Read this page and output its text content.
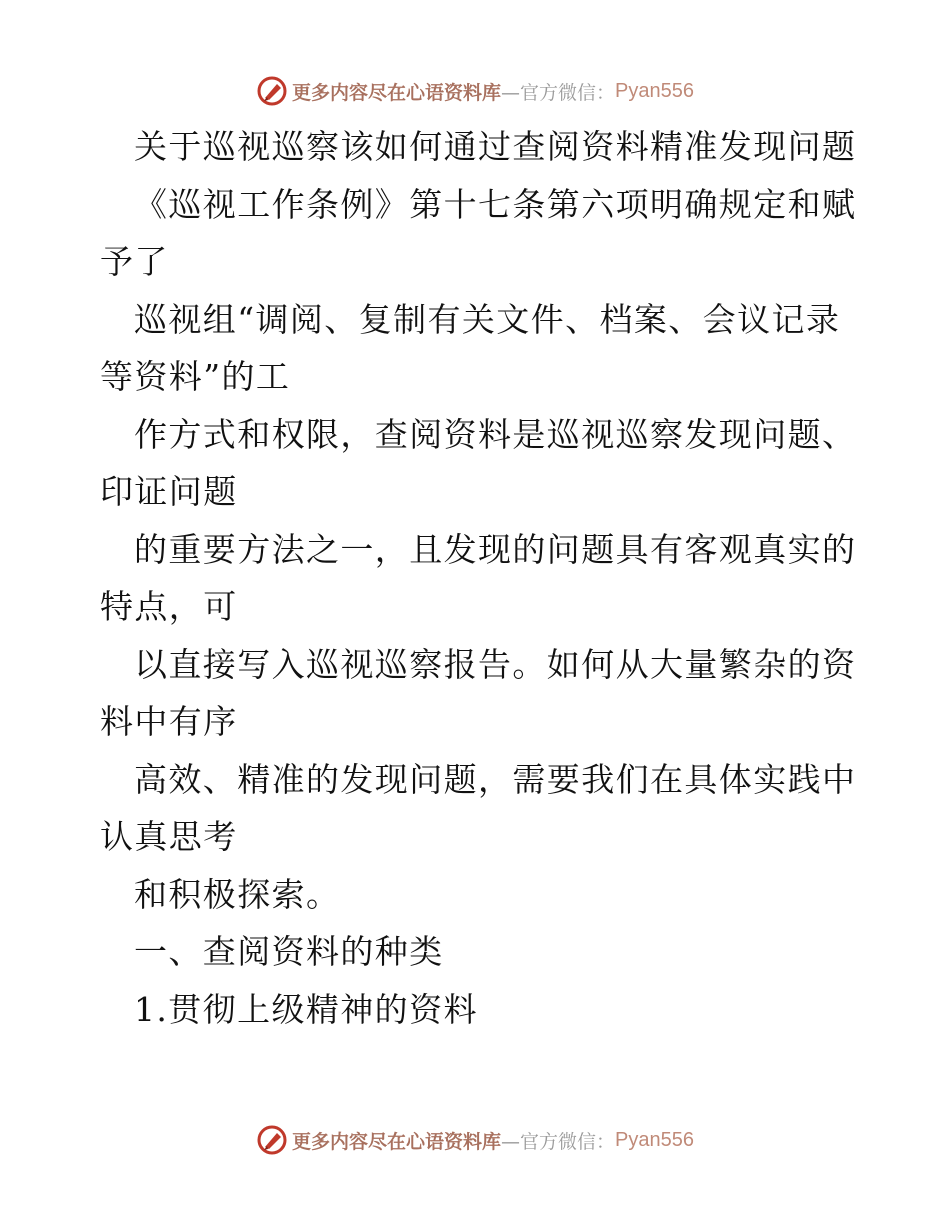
更多内容尽在心语资料库 —官方微信： Pyan556
关于巡视巡察该如何通过查阅资料精准发现问题
《巡视工作条例》第十七条第六项明确规定和赋
予了
巡视组“调阅、复制有关文件、档案、会议记录
等资料”的工
作方式和权限，查阅资料是巡视巡察发现问题、
印证问题
的重要方法之一，且发现的问题具有客观真实的
特点，可
以直接写入巡视巡察报告。如何从大量繁杂的资
料中有序
高效、精准的发现问题，需要我们在具体实践中
认真思考
和积极探索。
一、查阅资料的种类
1.贯彻上级精神的资料
更多内容尽在心语资料库 —官方微信： Pyan556
